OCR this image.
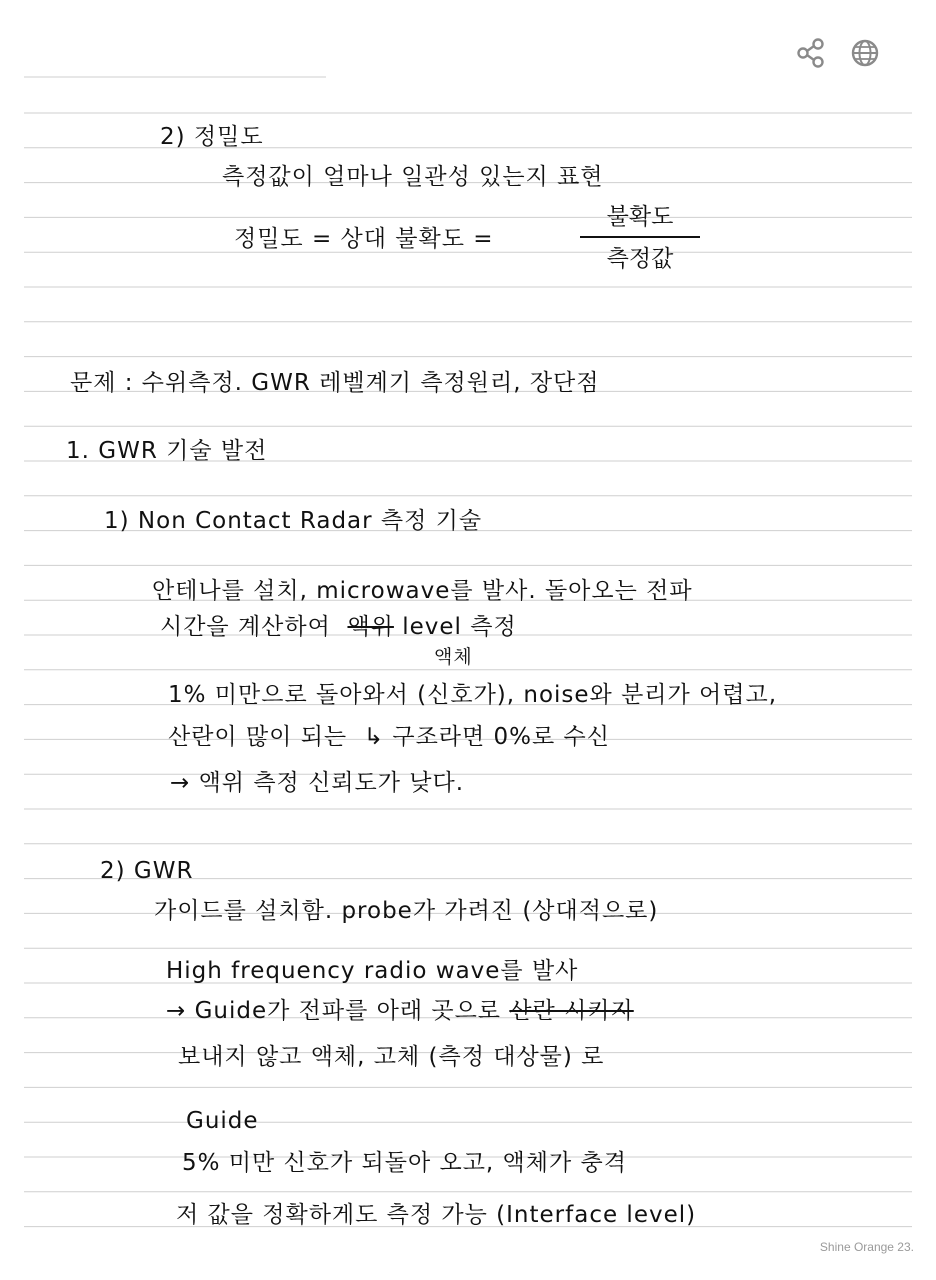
2) 정밀도
측정값이 얼마나 일관성 있는지 표현
정밀도 = 상대 불확도 =
불확도
측정값
문제 : 수위측정. GWR 레벨계기 측정원리, 장단점
1. GWR 기술 발전
1) Non Contact Radar 측정 기술
안테나를 설치, microwave를 발사. 돌아오는 전파
시간을 계산하여 액위 level 측정
액체
1% 미만으로 돌아와서 (신호가), noise와 분리가 어렵고,
산란이 많이 되는  ↳ 구조라면 0%로 수신
→ 액위 측정 신뢰도가 낮다.
2) GWR
가이드를 설치함. probe가 가려진 (상대적으로)
High frequency radio wave를 발사
→ Guide가 전파를 아래 곳으로 산란 시키지
보내지 않고 액체, 고체 (측정 대상물) 로
Guide
5% 미만 신호가 되돌아 오고, 액체가 충격
저 값을 정확하게도 측정 가능 (Interface level)
Shine Orange 23.
